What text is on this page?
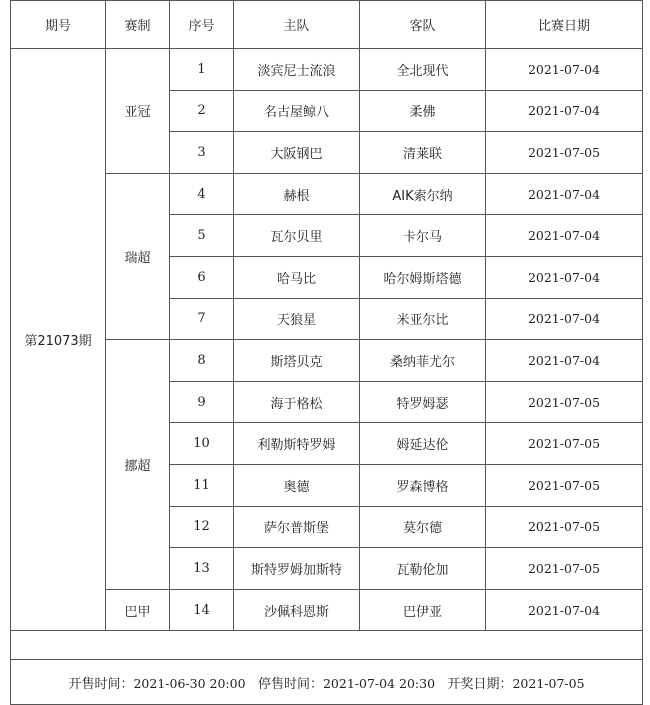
期号	赛制	序号	主队	客队	比赛日期
第21073期	亚冠	1	淡宾尼士流浪	全北现代	2021-07-04
		2	名古屋鲸八	柔佛	2021-07-04
		3	大阪钢巴	清莱联	2021-07-05
	瑞超	4	赫根	AIK索尔纳	2021-07-04
		5	瓦尔贝里	卡尔马	2021-07-04
		6	哈马比	哈尔姆斯塔德	2021-07-04
		7	天狼星	米亚尔比	2021-07-04
	挪超	8	斯塔贝克	桑纳菲尤尔	2021-07-04
		9	海于格松	特罗姆瑟	2021-07-05
		10	利勒斯特罗姆	姆延达伦	2021-07-05
		11	奥德	罗森博格	2021-07-05
		12	萨尔普斯堡	莫尔德	2021-07-05
		13	斯特罗姆加斯特	瓦勒伦加	2021-07-05
	巴甲	14	沙佩科恩斯	巴伊亚	2021-07-04

开售时间：2021-06-30 20:00 停售时间：2021-07-04 20:30 开奖日期：2021-07-05					
